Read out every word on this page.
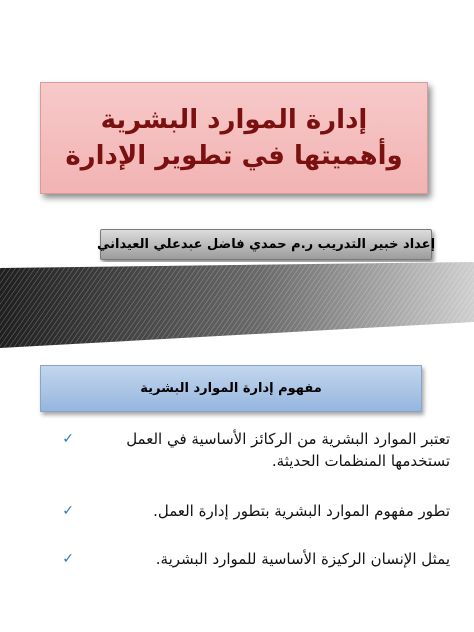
إدارة الموارد البشرية وأهميتها في تطوير الإدارة
إعداد خبير التدريب ر.م حمدي فاضل عبدعلي العيداني
مفهوم إدارة الموارد البشرية
✓	تعتبر الموارد البشرية من الركائز الأساسية في العمل تستخدمها المنظمات الحديثة.
✓	تطور مفهوم الموارد البشرية بتطور إدارة العمل.
✓	يمثل الإنسان الركيزة الأساسية للموارد البشرية.
